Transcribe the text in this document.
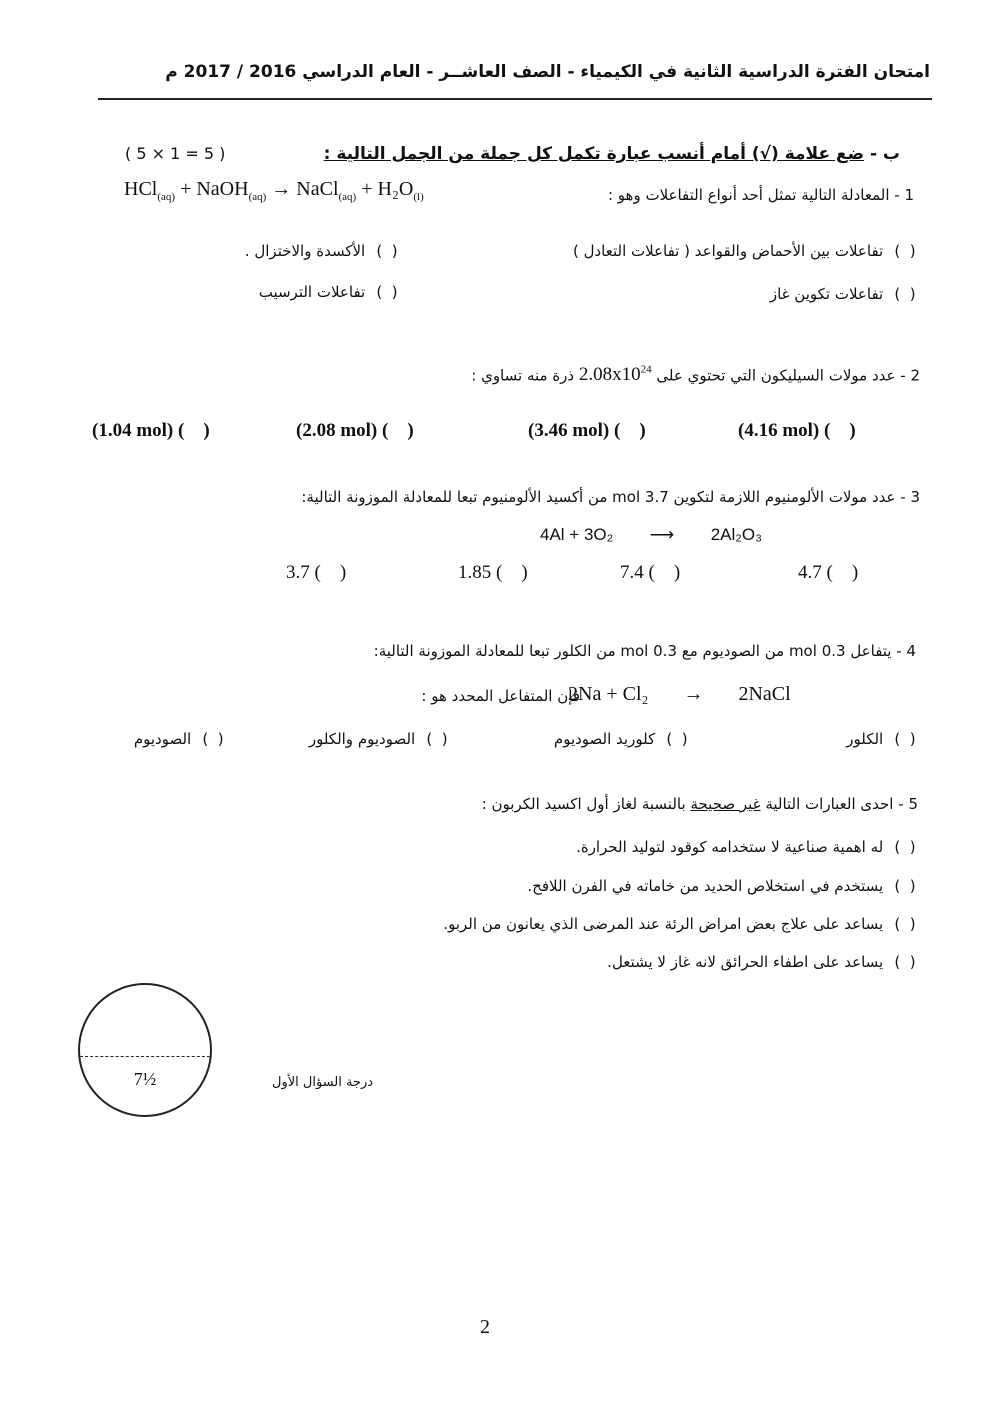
امتحان الفترة الدراسية الثانية في الكيمياء - الصف العاشــر - العام الدراسي 2016 / 2017 م
ب - ضع علامة (√) أمام أنسب عبارة تكمل كل جملة من الجمل التالية :
( 5 × 1 = 5 )
1 - المعادلة التالية تمثل أحد أنواع التفاعلات وهو :
HCl$_{(aq)}$ + NaOH$_{(aq)}$ → NaCl$_{(aq)}$ + $H_2O_{(l)}$
(  ) تفاعلات بين الأحماض والقواعد ( تفاعلات التعادل )
(  ) الأكسدة والاختزال .
(  ) تفاعلات تكوين غاز
(  ) تفاعلات الترسيب
2 - عدد مولات السيليكون التي تحتوي على $2.08x10^{24}$ ذرة منه تساوي :
(4.16 mol) (    )
(3.46 mol) (    )
(2.08 mol) (    )
(1.04 mol) (    )
3 - عدد مولات الألومنيوم اللازمة لتكوين 3.7 mol من أكسيد الألومنيوم تبعا للمعادلة الموزونة التالية:
4Al + 3O₂ ⟶ 2Al₂O₃
4.7 (    )
7.4 (    )
1.85 (    )
3.7 (    )
4 - يتفاعل 0.3 mol من الصوديوم مع 0.3 mol من الكلور تبعا للمعادلة الموزونة التالية:
فإن المتفاعل المحدد هو :
2Na + Cl₂ → 2NaCl
(  ) الكلور
(  ) كلوريد الصوديوم
(  ) الصوديوم والكلور
(  ) الصوديوم
5 - احدى العبارات التالية غير صحيحة بالنسبة لغاز أول اكسيد الكربون :
(  ) له اهمية صناعية لا ستخدامه كوقود لتوليد الحرارة.
(  ) يستخدم في استخلاص الحديد من خاماته في الفرن اللافح.
(  ) يساعد على علاج بعض امراض الرئة عند المرضى الذي يعانون من الربو.
(  ) يساعد على اطفاء الحرائق لانه غاز لا يشتعل.
7½	درجة السؤال الأول
2
